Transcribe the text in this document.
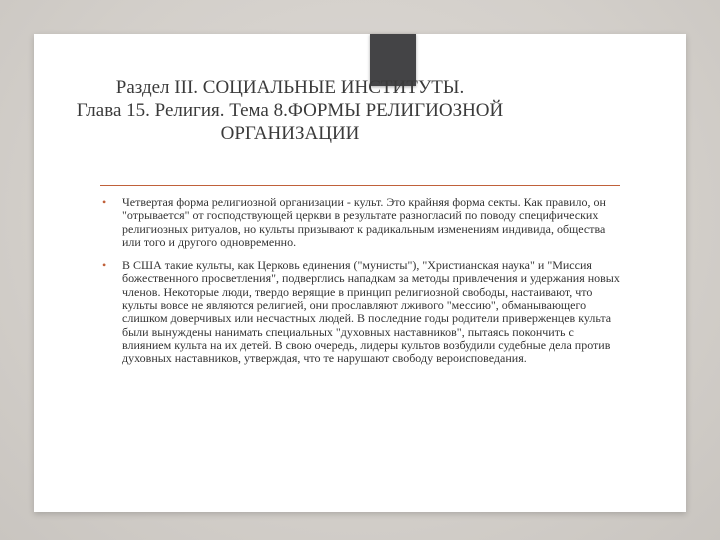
Раздел III. СОЦИАЛЬНЫЕ ИНСТИТУТЫ.
Глава 15. Религия. Тема 8.ФОРМЫ РЕЛИГИОЗНОЙ
ОРГАНИЗАЦИИ
• Четвертая форма религиозной организации - культ. Это крайняя форма секты. Как правило, он "отрывается" от господствующей церкви в результате разногласий по поводу специфических религиозных ритуалов, но культы призывают к радикальным изменениям индивида, общества или того и другого одновременно.
• В США такие культы, как Церковь единения ("мунисты"), "Христианская наука" и "Миссия божественного просветления", подверглись нападкам за методы привлечения и удержания новых членов. Некоторые люди, твердо верящие в принцип религиозной свободы, настаивают, что культы вовсе не являются религией, они прославляют лживого "мессию", обманывающего слишком доверчивых или несчастных людей. В последние годы родители приверженцев культа были вынуждены нанимать специальных "духовных наставников", пытаясь покончить с влиянием культа на их детей. В свою очередь, лидеры культов возбудили судебные дела против духовных наставников, утверждая, что те нарушают свободу вероисповедания.
